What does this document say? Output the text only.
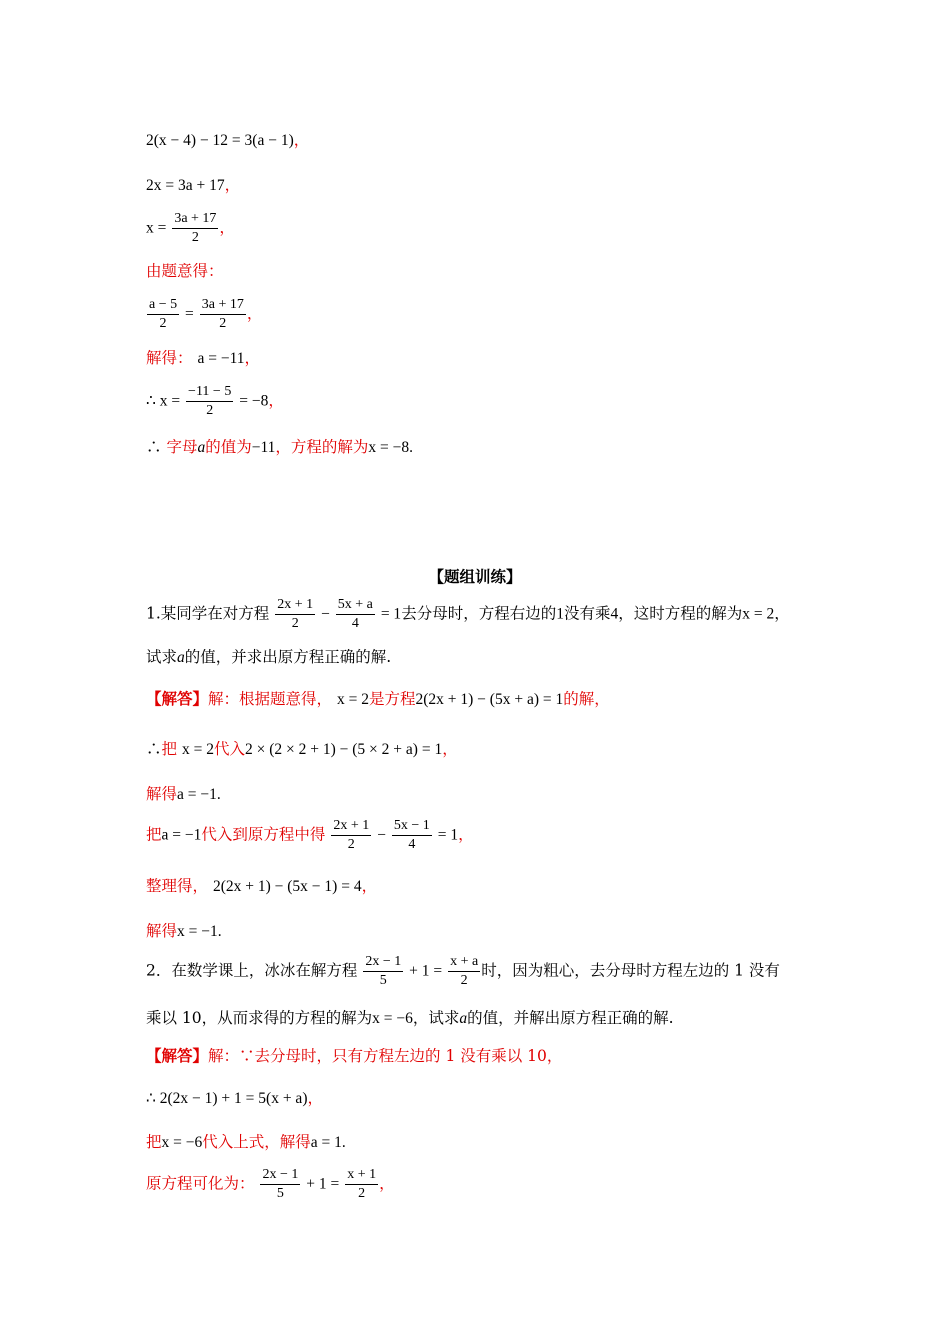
2(x − 4) − 12 = 3(a − 1)，
2x = 3a + 17，
$x = \frac{3a + 17}{2}$ ，
由题意得：
$\frac{a - 5}{2} = \frac{3a + 17}{2}$ ，
解得： a = −11，
∴ $x = \frac{-11 - 5}{2} = -8$，
∴ 字母a的值为−11，方程的解为x = −8.
【题组训练】
1.某同学在对方程 $\frac{2x + 1}{2} - \frac{5x + a}{4} = 1$去分母时，方程右边的1没有乘4，这时方程的解为x = 2，
试求a的值，并求出原方程正确的解.
【解答】解：根据题意得， x = 2是方程2(2x + 1) − (5x + a) = 1的解，
∴把 x = 2代入2 × (2 × 2 + 1) − (5 × 2 + a) = 1，
解得a = −1.
把a = −1代入到原方程中得 $\frac{2x + 1}{2} - \frac{5x - 1}{4} = 1$，
整理得， 2(2x + 1) − (5x − 1) = 4，
解得x = −1.
2．在数学课上，冰冰在解方程 $\frac{2x - 1}{5} + 1 = \frac{x + a}{2}$ 时，因为粗心，去分母时方程左边的 1 没有
乘以 10，从而求得的方程的解为x = −6，试求a的值，并解出原方程正确的解.
【解答】解：∵去分母时，只有方程左边的 1 没有乘以 10，
∴ 2(2x − 1) + 1 = 5(x + a)，
把x = −6代入上式，解得a = 1.
原方程可化为： $\frac{2x - 1}{5} + 1 = \frac{x + 1}{2}$ ，
